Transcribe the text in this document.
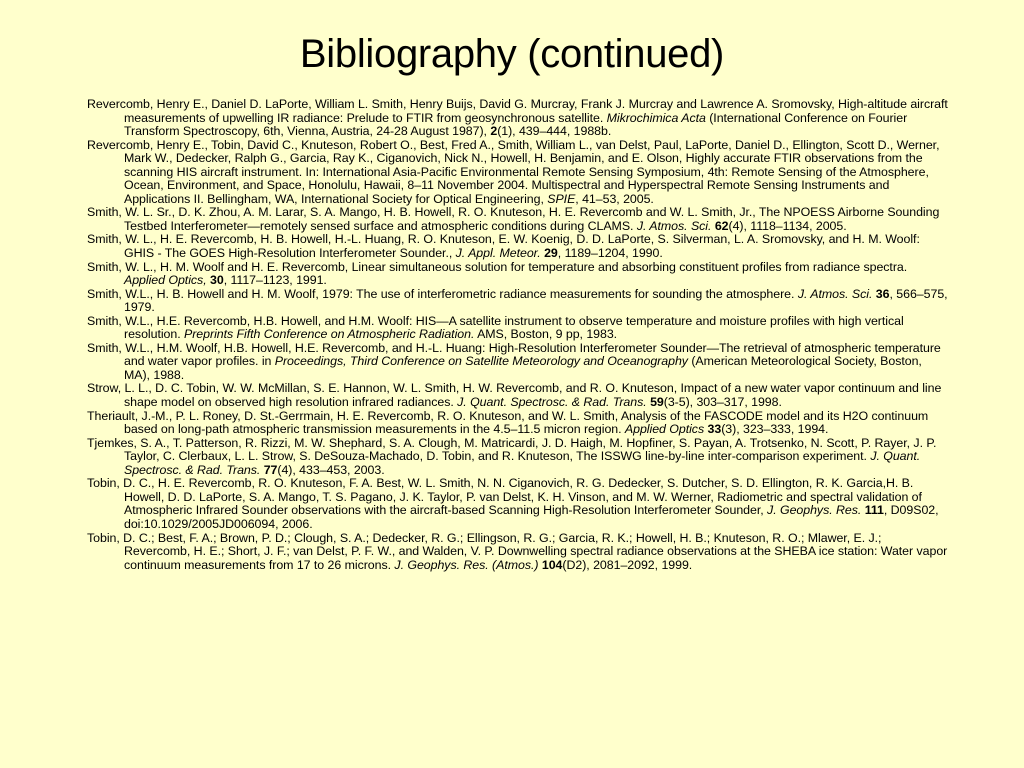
Bibliography (continued)
Revercomb, Henry E., Daniel D. LaPorte, William L. Smith, Henry Buijs, David G. Murcray, Frank J. Murcray and Lawrence A. Sromovsky, High-altitude aircraft measurements of upwelling IR radiance: Prelude to FTIR from geosynchronous satellite. Mikrochimica Acta (International Conference on Fourier Transform Spectroscopy, 6th, Vienna, Austria, 24-28 August 1987), 2(1), 439–444, 1988b.
Revercomb, Henry E., Tobin, David C., Knuteson, Robert O., Best, Fred A., Smith, William L., van Delst, Paul, LaPorte, Daniel D., Ellington, Scott D., Werner, Mark W., Dedecker, Ralph G., Garcia, Ray K., Ciganovich, Nick N., Howell, H. Benjamin, and E. Olson, Highly accurate FTIR observations from the scanning HIS aircraft instrument. In: International Asia-Pacific Environmental Remote Sensing Symposium, 4th: Remote Sensing of the Atmosphere, Ocean, Environment, and Space, Honolulu, Hawaii, 8–11 November 2004. Multispectral and Hyperspectral Remote Sensing Instruments and Applications II. Bellingham, WA, International Society for Optical Engineering, SPIE, 41–53, 2005.
Smith, W. L. Sr., D. K. Zhou, A. M. Larar, S. A. Mango, H. B. Howell, R. O. Knuteson, H. E. Revercomb and W. L. Smith, Jr., The NPOESS Airborne Sounding Testbed Interferometer—remotely sensed surface and atmospheric conditions during CLAMS. J. Atmos. Sci. 62(4), 1118–1134, 2005.
Smith, W. L., H. E. Revercomb, H. B. Howell, H.-L. Huang, R. O. Knuteson, E. W. Koenig, D. D. LaPorte, S. Silverman, L. A. Sromovsky, and H. M. Woolf: GHIS - The GOES High-Resolution Interferometer Sounder., J. Appl. Meteor. 29, 1189–1204, 1990.
Smith, W. L., H. M. Woolf and H. E. Revercomb, Linear simultaneous solution for temperature and absorbing constituent profiles from radiance spectra. Applied Optics, 30, 1117–1123, 1991.
Smith, W.L., H. B. Howell and H. M. Woolf, 1979: The use of interferometric radiance measurements for sounding the atmosphere. J. Atmos. Sci. 36, 566–575, 1979.
Smith, W.L., H.E. Revercomb, H.B. Howell, and H.M. Woolf: HIS—A satellite instrument to observe temperature and moisture profiles with high vertical resolution. Preprints Fifth Conference on Atmospheric Radiation. AMS, Boston, 9 pp, 1983.
Smith, W.L., H.M. Woolf, H.B. Howell, H.E. Revercomb, and H.-L. Huang: High-Resolution Interferometer Sounder—The retrieval of atmospheric temperature and water vapor profiles. in Proceedings, Third Conference on Satellite Meteorology and Oceanography (American Meteorological Society, Boston, MA), 1988.
Strow, L. L., D. C. Tobin, W. W. McMillan, S. E. Hannon, W. L. Smith, H. W. Revercomb, and R. O. Knuteson, Impact of a new water vapor continuum and line shape model on observed high resolution infrared radiances. J. Quant. Spectrosc. & Rad. Trans. 59(3-5), 303–317, 1998.
Theriault, J.-M., P. L. Roney, D. St.-Gerrmain, H. E. Revercomb, R. O. Knuteson, and W. L. Smith, Analysis of the FASCODE model and its H2O continuum based on long-path atmospheric transmission measurements in the 4.5–11.5 micron region. Applied Optics 33(3), 323–333, 1994.
Tjemkes, S. A., T. Patterson, R. Rizzi, M. W. Shephard, S. A. Clough, M. Matricardi, J. D. Haigh, M. Hopfiner, S. Payan, A. Trotsenko, N. Scott, P. Rayer, J. P. Taylor, C. Clerbaux, L. L. Strow, S. DeSouza-Machado, D. Tobin, and R. Knuteson, The ISSWG line-by-line inter-comparison experiment. J. Quant. Spectrosc. & Rad. Trans. 77(4), 433–453, 2003.
Tobin, D. C., H. E. Revercomb, R. O. Knuteson, F. A. Best, W. L. Smith, N. N. Ciganovich, R. G. Dedecker, S. Dutcher, S. D. Ellington, R. K. Garcia,H. B. Howell, D. D. LaPorte, S. A. Mango, T. S. Pagano, J. K. Taylor, P. van Delst, K. H. Vinson, and M. W. Werner, Radiometric and spectral validation of Atmospheric Infrared Sounder observations with the aircraft-based Scanning High-Resolution Interferometer Sounder, J. Geophys. Res. 111, D09S02, doi:10.1029/2005JD006094, 2006.
Tobin, D. C.; Best, F. A.; Brown, P. D.; Clough, S. A.; Dedecker, R. G.; Ellingson, R. G.; Garcia, R. K.; Howell, H. B.; Knuteson, R. O.; Mlawer, E. J.; Revercomb, H. E.; Short, J. F.; van Delst, P. F. W., and Walden, V. P. Downwelling spectral radiance observations at the SHEBA ice station: Water vapor continuum measurements from 17 to 26 microns. J. Geophys. Res. (Atmos.) 104(D2), 2081–2092, 1999.
